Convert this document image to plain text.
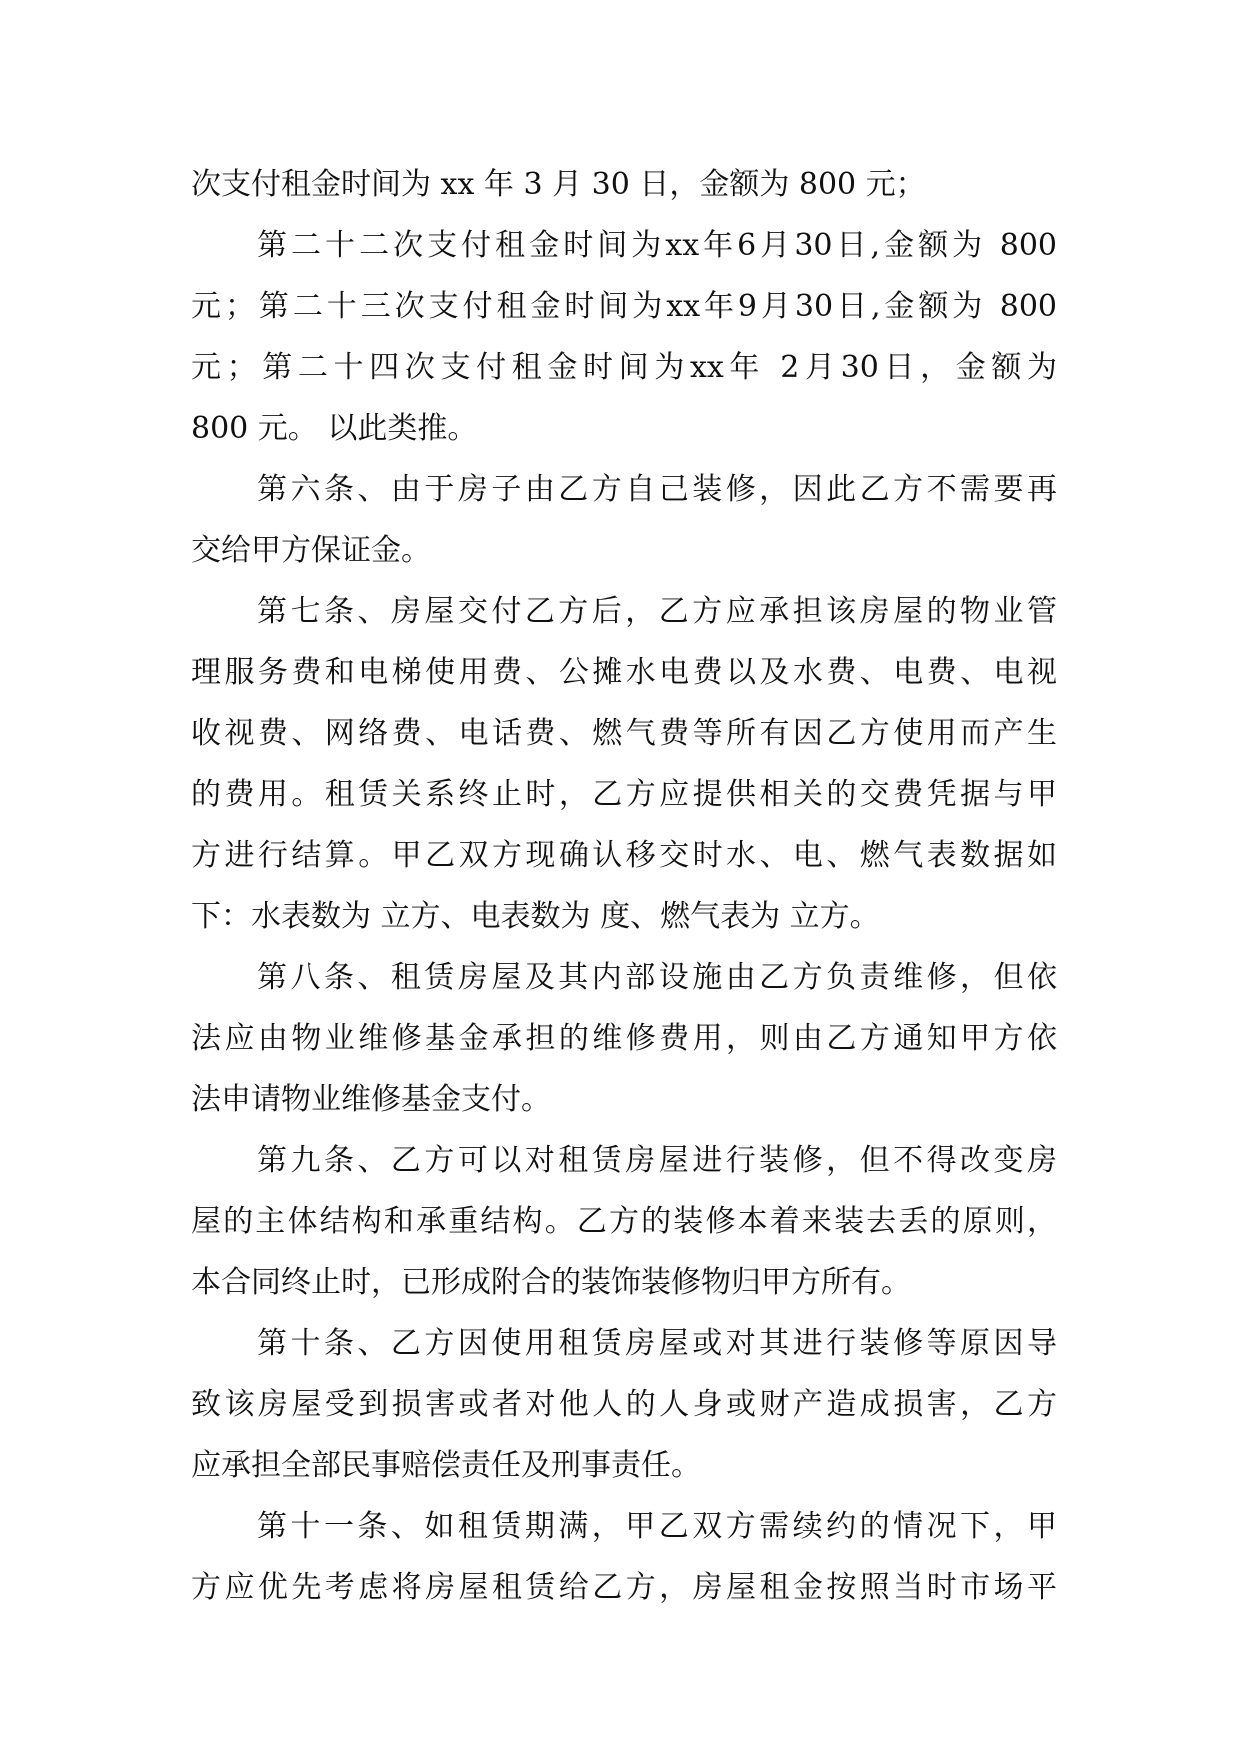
次支付租金时间为 xx 年 3 月 30 日，金额为 800 元；
第二十二次支付租金时间为xx年6月30日,金额为 800
元；第二十三次支付租金时间为xx年9月30日,金额为 800
元；第二十四次支付租金时间为xx年 2月30日，金额为
800 元。 以此类推。
第六条、由于房子由乙方自己装修，因此乙方不需要再
交给甲方保证金。
第七条、房屋交付乙方后，乙方应承担该房屋的物业管
理服务费和电梯使用费、公摊水电费以及水费、电费、电视
收视费、网络费、电话费、燃气费等所有因乙方使用而产生
的费用。租赁关系终止时，乙方应提供相关的交费凭据与甲
方进行结算。甲乙双方现确认移交时水、电、燃气表数据如
下：水表数为 立方、电表数为 度、燃气表为 立方。
第八条、租赁房屋及其内部设施由乙方负责维修，但依
法应由物业维修基金承担的维修费用，则由乙方通知甲方依
法申请物业维修基金支付。
第九条、乙方可以对租赁房屋进行装修，但不得改变房
屋的主体结构和承重结构。乙方的装修本着来装去丢的原则，
本合同终止时，已形成附合的装饰装修物归甲方所有。
第十条、乙方因使用租赁房屋或对其进行装修等原因导
致该房屋受到损害或者对他人的人身或财产造成损害，乙方
应承担全部民事赔偿责任及刑事责任。
第十一条、如租赁期满，甲乙双方需续约的情况下，甲
方应优先考虑将房屋租赁给乙方，房屋租金按照当时市场平
